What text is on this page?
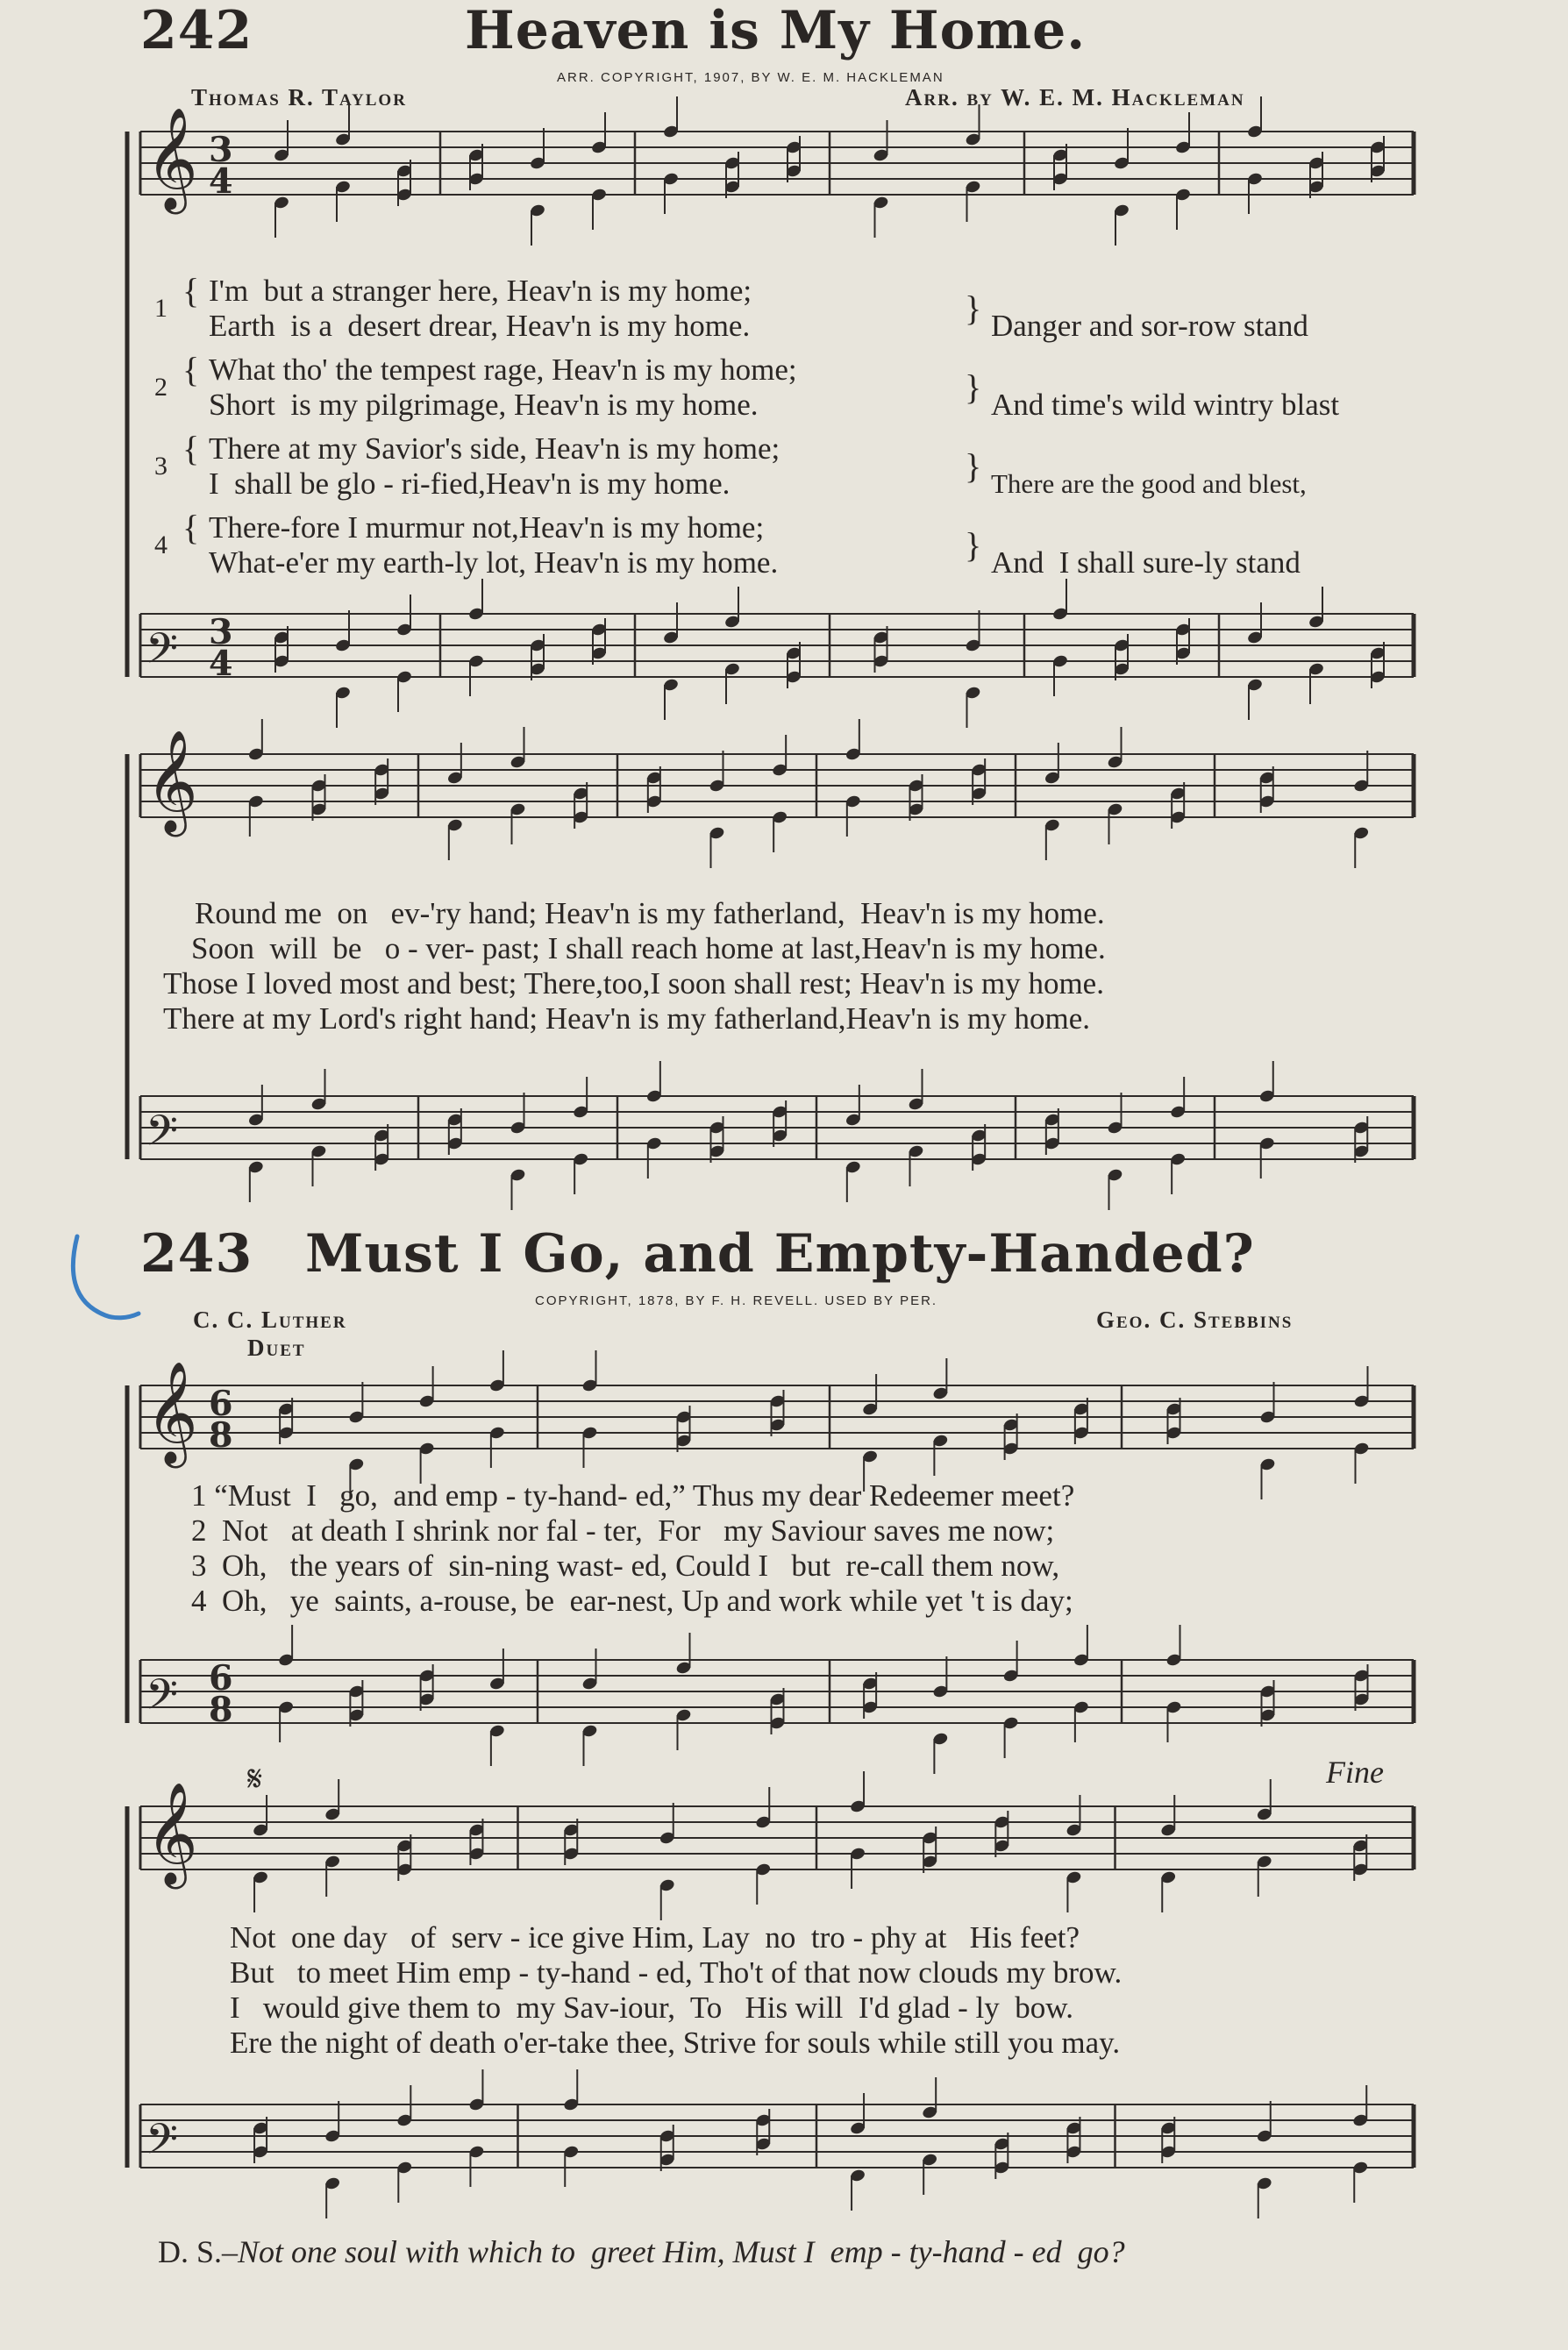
242	Heaven is My Home.
ARR. COPYRIGHT, 1907, BY W. E. M. HACKLEMAN
Thomas R. Taylor	Arr. by W. E. M. Hackleman
𝄞 3
4
𝄢 3
4
𝄞
𝄢
𝄞 6
8
𝄢 6
8
𝄞
𝄢
1
2
3
4
{
{
{
{
I'm  but a stranger here, Heav'n is my home;
Earth  is a  desert drear, Heav'n is my home.
What tho' the tempest rage, Heav'n is my home;
Short  is my pilgrimage, Heav'n is my home.
There at my Savior's side, Heav'n is my home;
I  shall be glo - ri-fied,Heav'n is my home.
There-fore I murmur not,Heav'n is my home;
What-e'er my earth-ly lot, Heav'n is my home.
}
}
}
}
Danger and sor-row stand
And time's wild wintry blast
There are the good and blest,
And  I shall sure-ly stand
Round me  on   ev-'ry hand; Heav'n is my fatherland,  Heav'n is my home.
Soon  will  be   o - ver- past; I shall reach home at last,Heav'n is my home.
Those I loved most and best; There,too,I soon shall rest; Heav'n is my home.
There at my Lord's right hand; Heav'n is my fatherland,Heav'n is my home.
243 Must I Go, and Empty-Handed?
COPYRIGHT, 1878, BY F. H. REVELL. USED BY PER.
C. C. Luther	Geo. C. Stebbins
Duet
1 “Must  I   go,  and emp - ty-hand- ed,” Thus my dear Redeemer meet?
2  Not   at death I shrink nor fal - ter,  For   my Saviour saves me now;
3  Oh,   the years of  sin-ning wast- ed, Could I   but  re-call them now,
4  Oh,   ye  saints, a-rouse, be  ear-nest, Up and work while yet 't is day;
Not  one day   of  serv - ice give Him, Lay  no  tro - phy at   His feet?
But   to meet Him emp - ty-hand - ed, Tho't of that now clouds my brow.
I   would give them to  my Sav-iour,  To   His will  I'd glad - ly  bow.
Ere the night of death o'er-take thee, Strive for souls while still you may.
Fine
𝄋

D. S.–Not one soul with which to  greet Him, Must I  emp - ty-hand - ed  go?
